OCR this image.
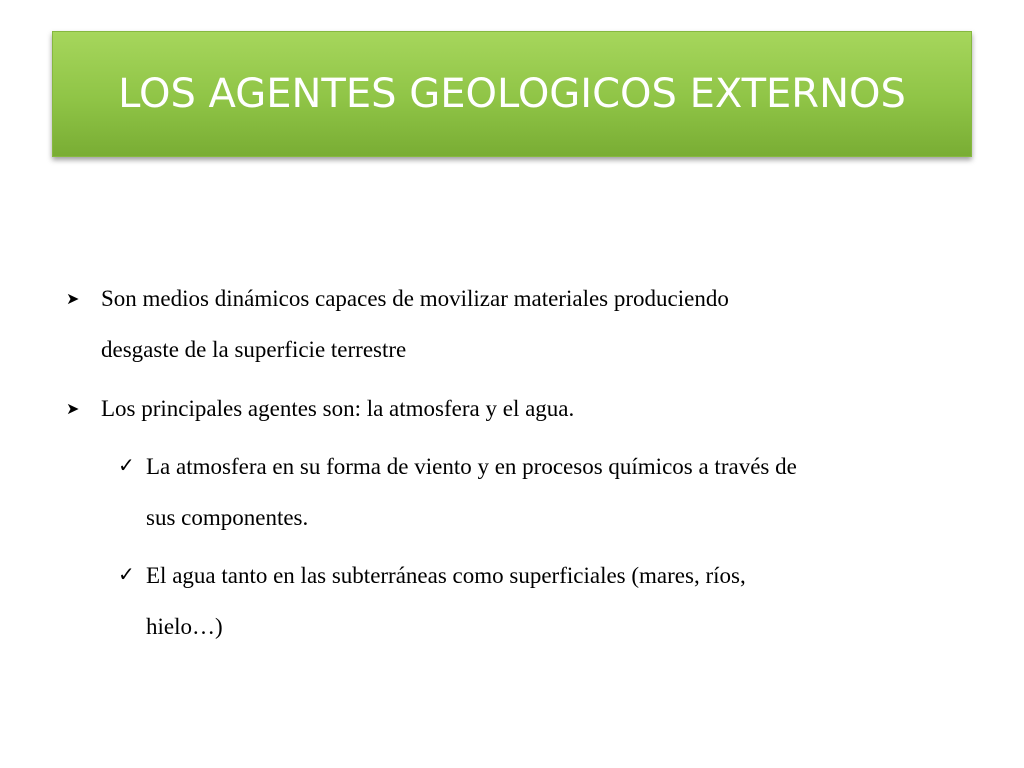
LOS AGENTES GEOLOGICOS EXTERNOS
➤ Son medios dinámicos capaces de movilizar materiales produciendo
desgaste de la superficie terrestre
➤ Los principales agentes son: la atmosfera y el agua.
✓ La atmosfera en su forma de viento y en procesos químicos a través de
sus componentes.
✓ El agua tanto en las subterráneas como superficiales (mares, ríos,
hielo…)
